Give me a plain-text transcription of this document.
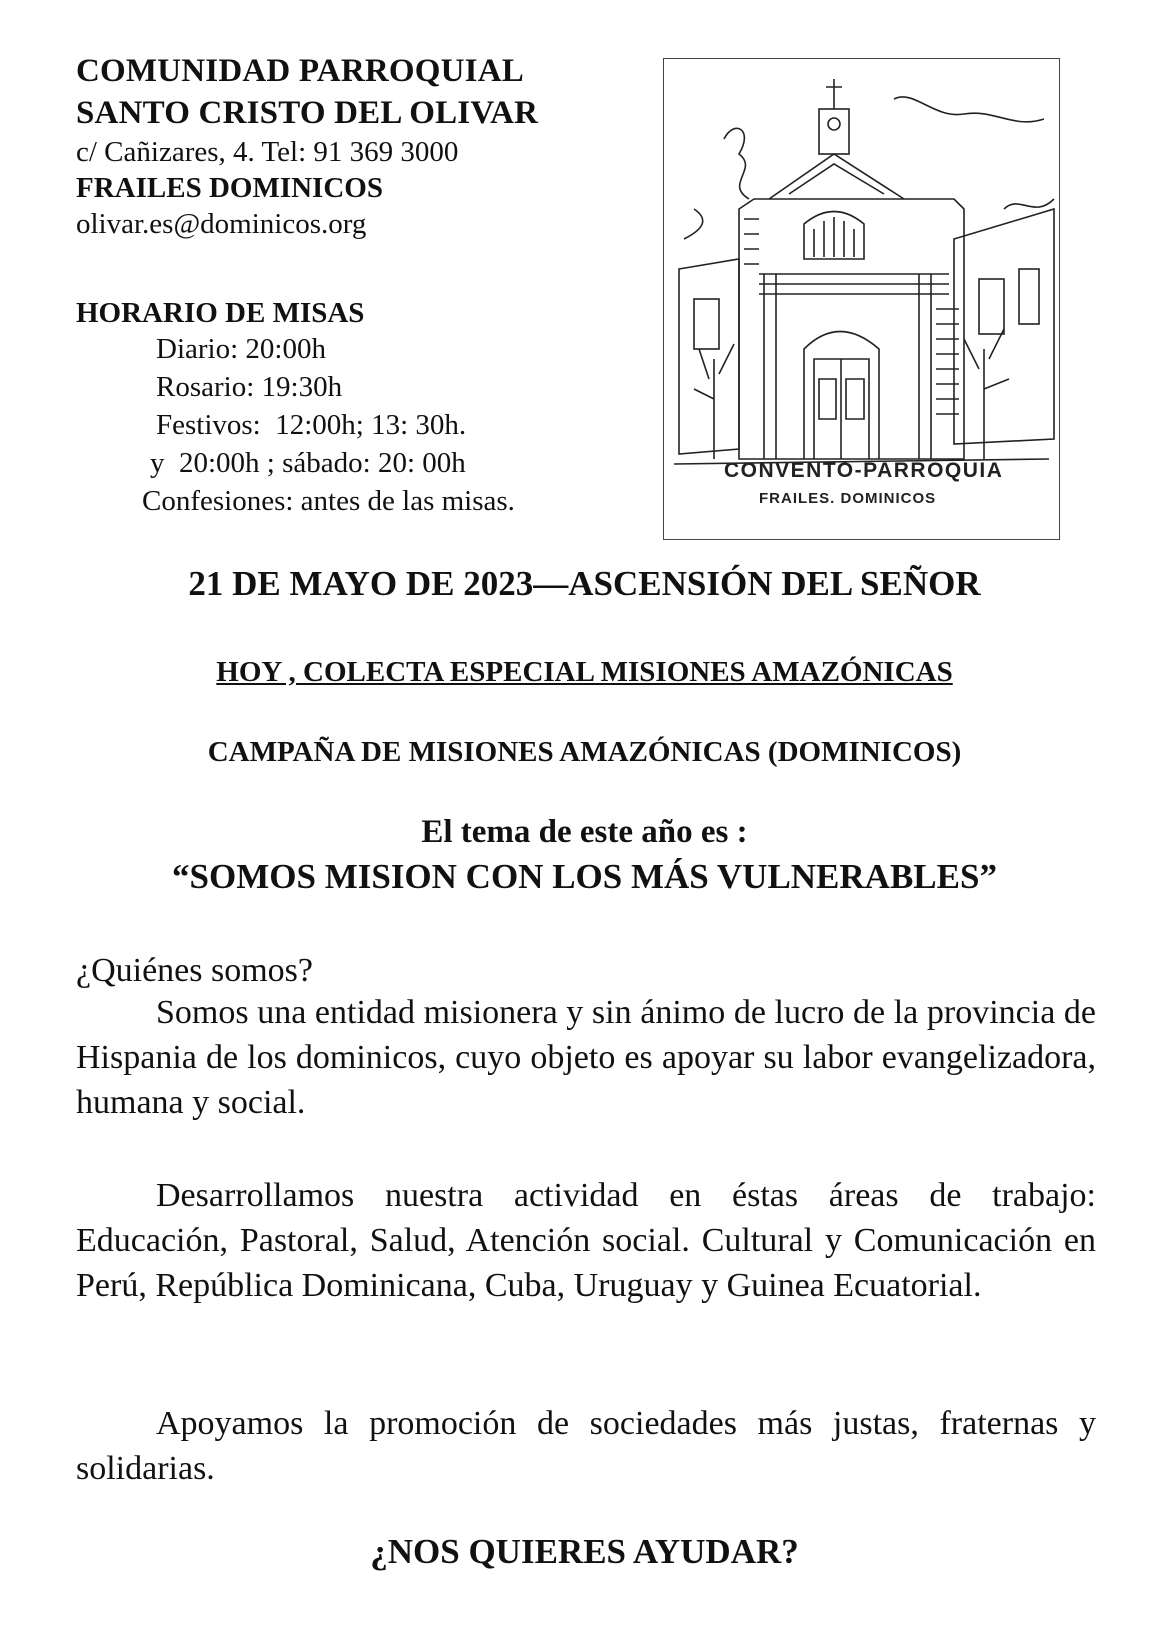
COMUNIDAD PARROQUIAL
SANTO CRISTO DEL OLIVAR
c/ Cañizares, 4. Tel: 91 369 3000
FRAILES DOMINICOS
olivar.es@dominicos.org
HORARIO DE MISAS
Diario: 20:00h
Rosario: 19:30h
Festivos:  12:00h; 13: 30h.
y  20:00h ; sábado: 20: 00h
Confesiones: antes de las misas.
CONVENTO-PARROQUIA
FRAILES. DOMINICOS
21 DE MAYO DE 2023—ASCENSIÓN DEL SEÑOR
HOY , COLECTA ESPECIAL MISIONES AMAZÓNICAS
CAMPAÑA DE MISIONES AMAZÓNICAS (DOMINICOS)
El tema de este año es :
“SOMOS MISION CON LOS MÁS VULNERABLES”
¿Quiénes somos?
Somos una entidad misionera y sin ánimo de lucro de la provincia de Hispania de los dominicos, cuyo objeto es apoyar su labor evangelizadora, humana y social.
Desarrollamos nuestra actividad en éstas áreas de trabajo: Educación, Pastoral, Salud, Atención social. Cultural y Comunicación en Perú, República Dominicana, Cuba, Uruguay y Guinea Ecuatorial.
Apoyamos la promoción de sociedades más justas, fraternas y solidarias.
¿NOS QUIERES AYUDAR?
